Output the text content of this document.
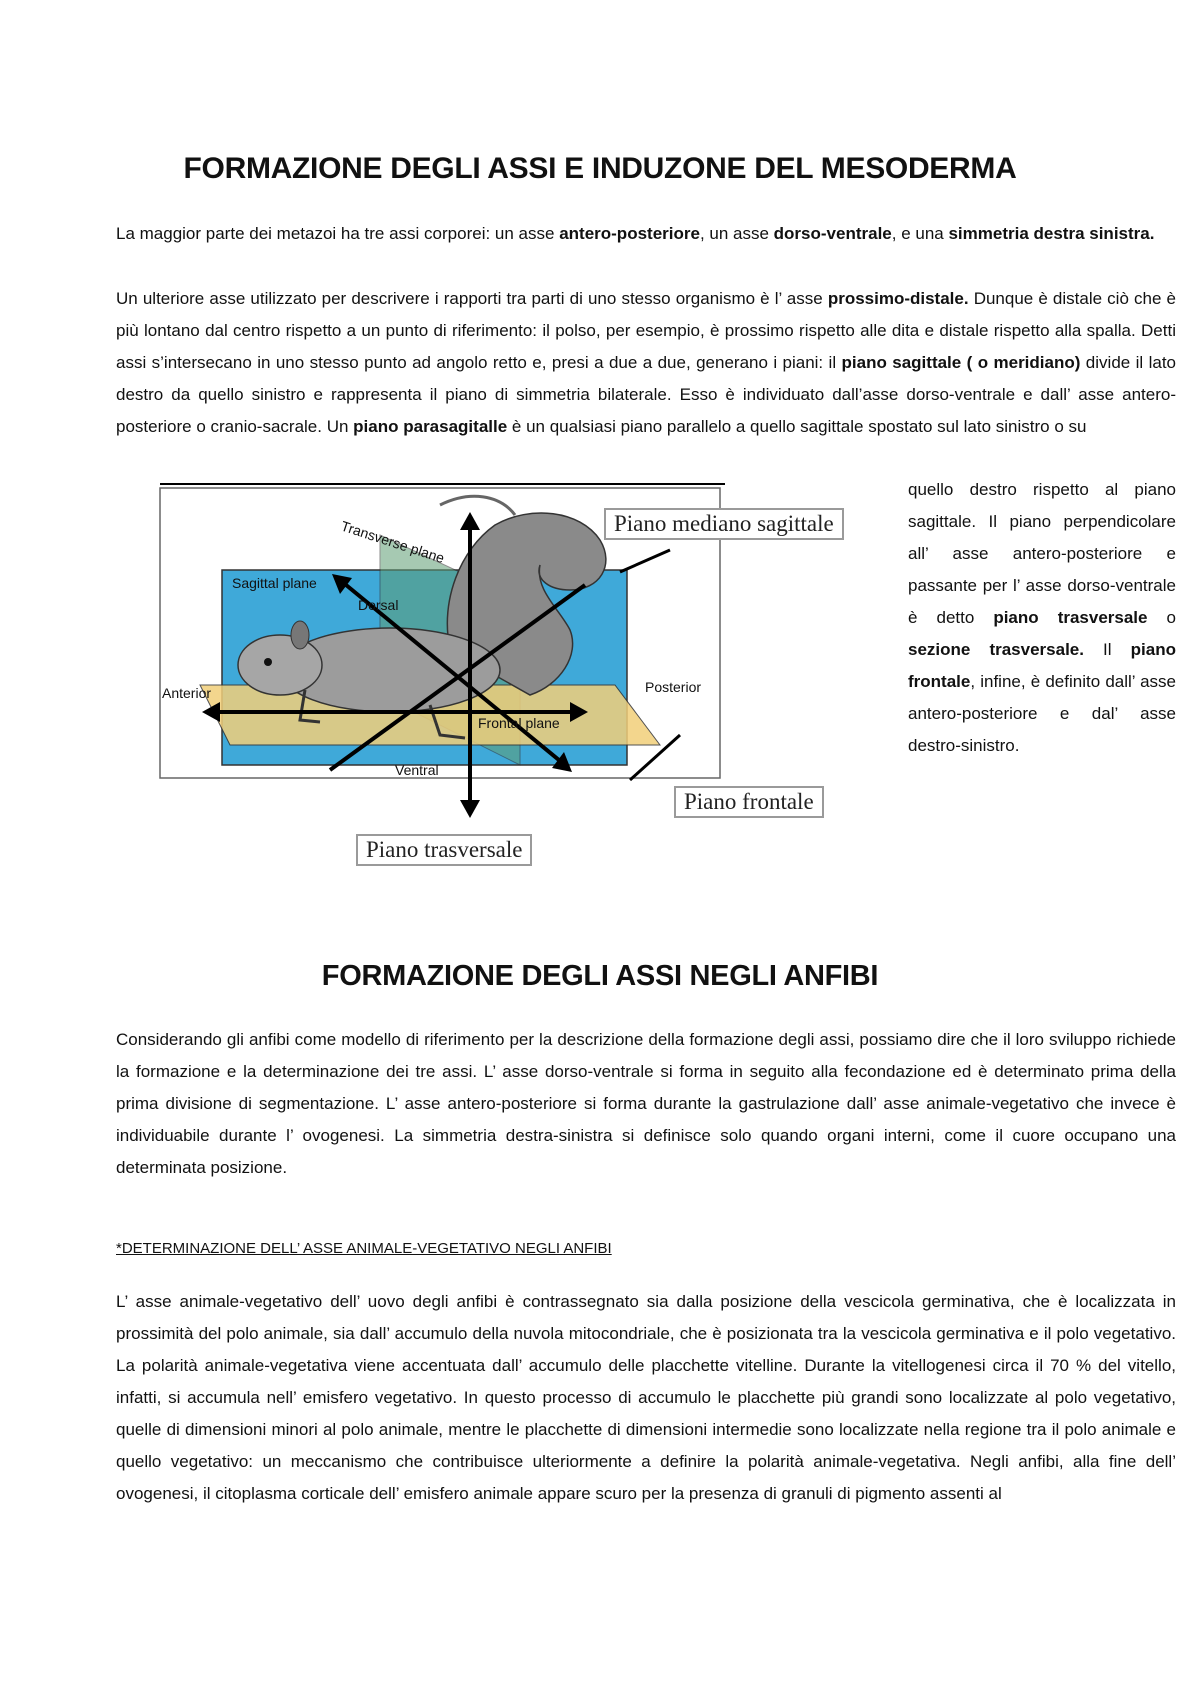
FORMAZIONE DEGLI ASSI E INDUZONE DEL MESODERMA

La maggior parte dei metazoi ha tre assi corporei: un asse antero-posteriore, un asse dorso-ventrale, e una simmetria destra sinistra.

Un ulteriore asse utilizzato per descrivere i rapporti tra parti di uno stesso organismo è l’ asse prossimo-distale. Dunque è distale ciò che è più lontano dal centro rispetto a un punto di riferimento: il polso, per esempio, è prossimo rispetto alle dita e distale rispetto alla spalla. Detti assi s’intersecano in uno stesso punto ad angolo retto e, presi a due a due, generano i piani: il piano sagittale ( o meridiano) divide il lato destro da quello sinistro e rappresenta il piano di simmetria bilaterale. Esso è individuato dall’asse dorso-ventrale e dall’ asse antero-posteriore o cranio-sacrale. Un piano parasagitalle è un qualsiasi piano parallelo a quello sagittale spostato sul lato sinistro o su

quello destro rispetto al piano sagittale. Il piano perpendicolare all’ asse antero-posteriore e passante per l’ asse dorso-ventrale è detto piano trasversale o sezione trasversale. Il piano frontale, infine, è definito dall’ asse antero-posteriore e dal’ asse destro-sinistro.

Transverse plane
Sagittal plane
Dorsal
Anterior	Posterior
Frontal plane
Ventral
Piano mediano sagittale
Piano frontale
Piano trasversale
FORMAZIONE DEGLI ASSI NEGLI ANFIBI

Considerando gli anfibi come modello di riferimento per la descrizione della formazione degli assi, possiamo dire che il loro sviluppo richiede la formazione e la determinazione dei tre assi. L’ asse dorso-ventrale si forma in seguito alla fecondazione ed è determinato prima della prima divisione di segmentazione. L’ asse antero-posteriore si forma durante la gastrulazione dall’ asse animale-vegetativo che invece è individuabile durante l’ ovogenesi. La simmetria destra-sinistra si definisce solo quando organi interni, come il cuore occupano una determinata posizione.

*DETERMINAZIONE DELL’ ASSE ANIMALE-VEGETATIVO NEGLI ANFIBI

L’ asse animale-vegetativo dell’ uovo degli anfibi è contrassegnato sia dalla posizione della vescicola germinativa, che è localizzata in prossimità del polo animale, sia dall’ accumulo della nuvola mitocondriale, che è posizionata tra la vescicola germinativa e il polo vegetativo. La polarità animale-vegetativa viene accentuata dall’ accumulo delle placchette vitelline. Durante la vitellogenesi circa il 70 % del vitello, infatti, si accumula nell’ emisfero vegetativo. In questo processo di accumulo le placchette più grandi sono localizzate al polo vegetativo, quelle di dimensioni minori al polo animale, mentre le placchette di dimensioni intermedie sono localizzate nella regione tra il polo animale e quello vegetativo: un meccanismo che contribuisce ulteriormente a definire la polarità animale-vegetativa. Negli anfibi, alla fine dell’ ovogenesi, il citoplasma corticale dell’ emisfero animale appare scuro per la presenza di granuli di pigmento assenti al
